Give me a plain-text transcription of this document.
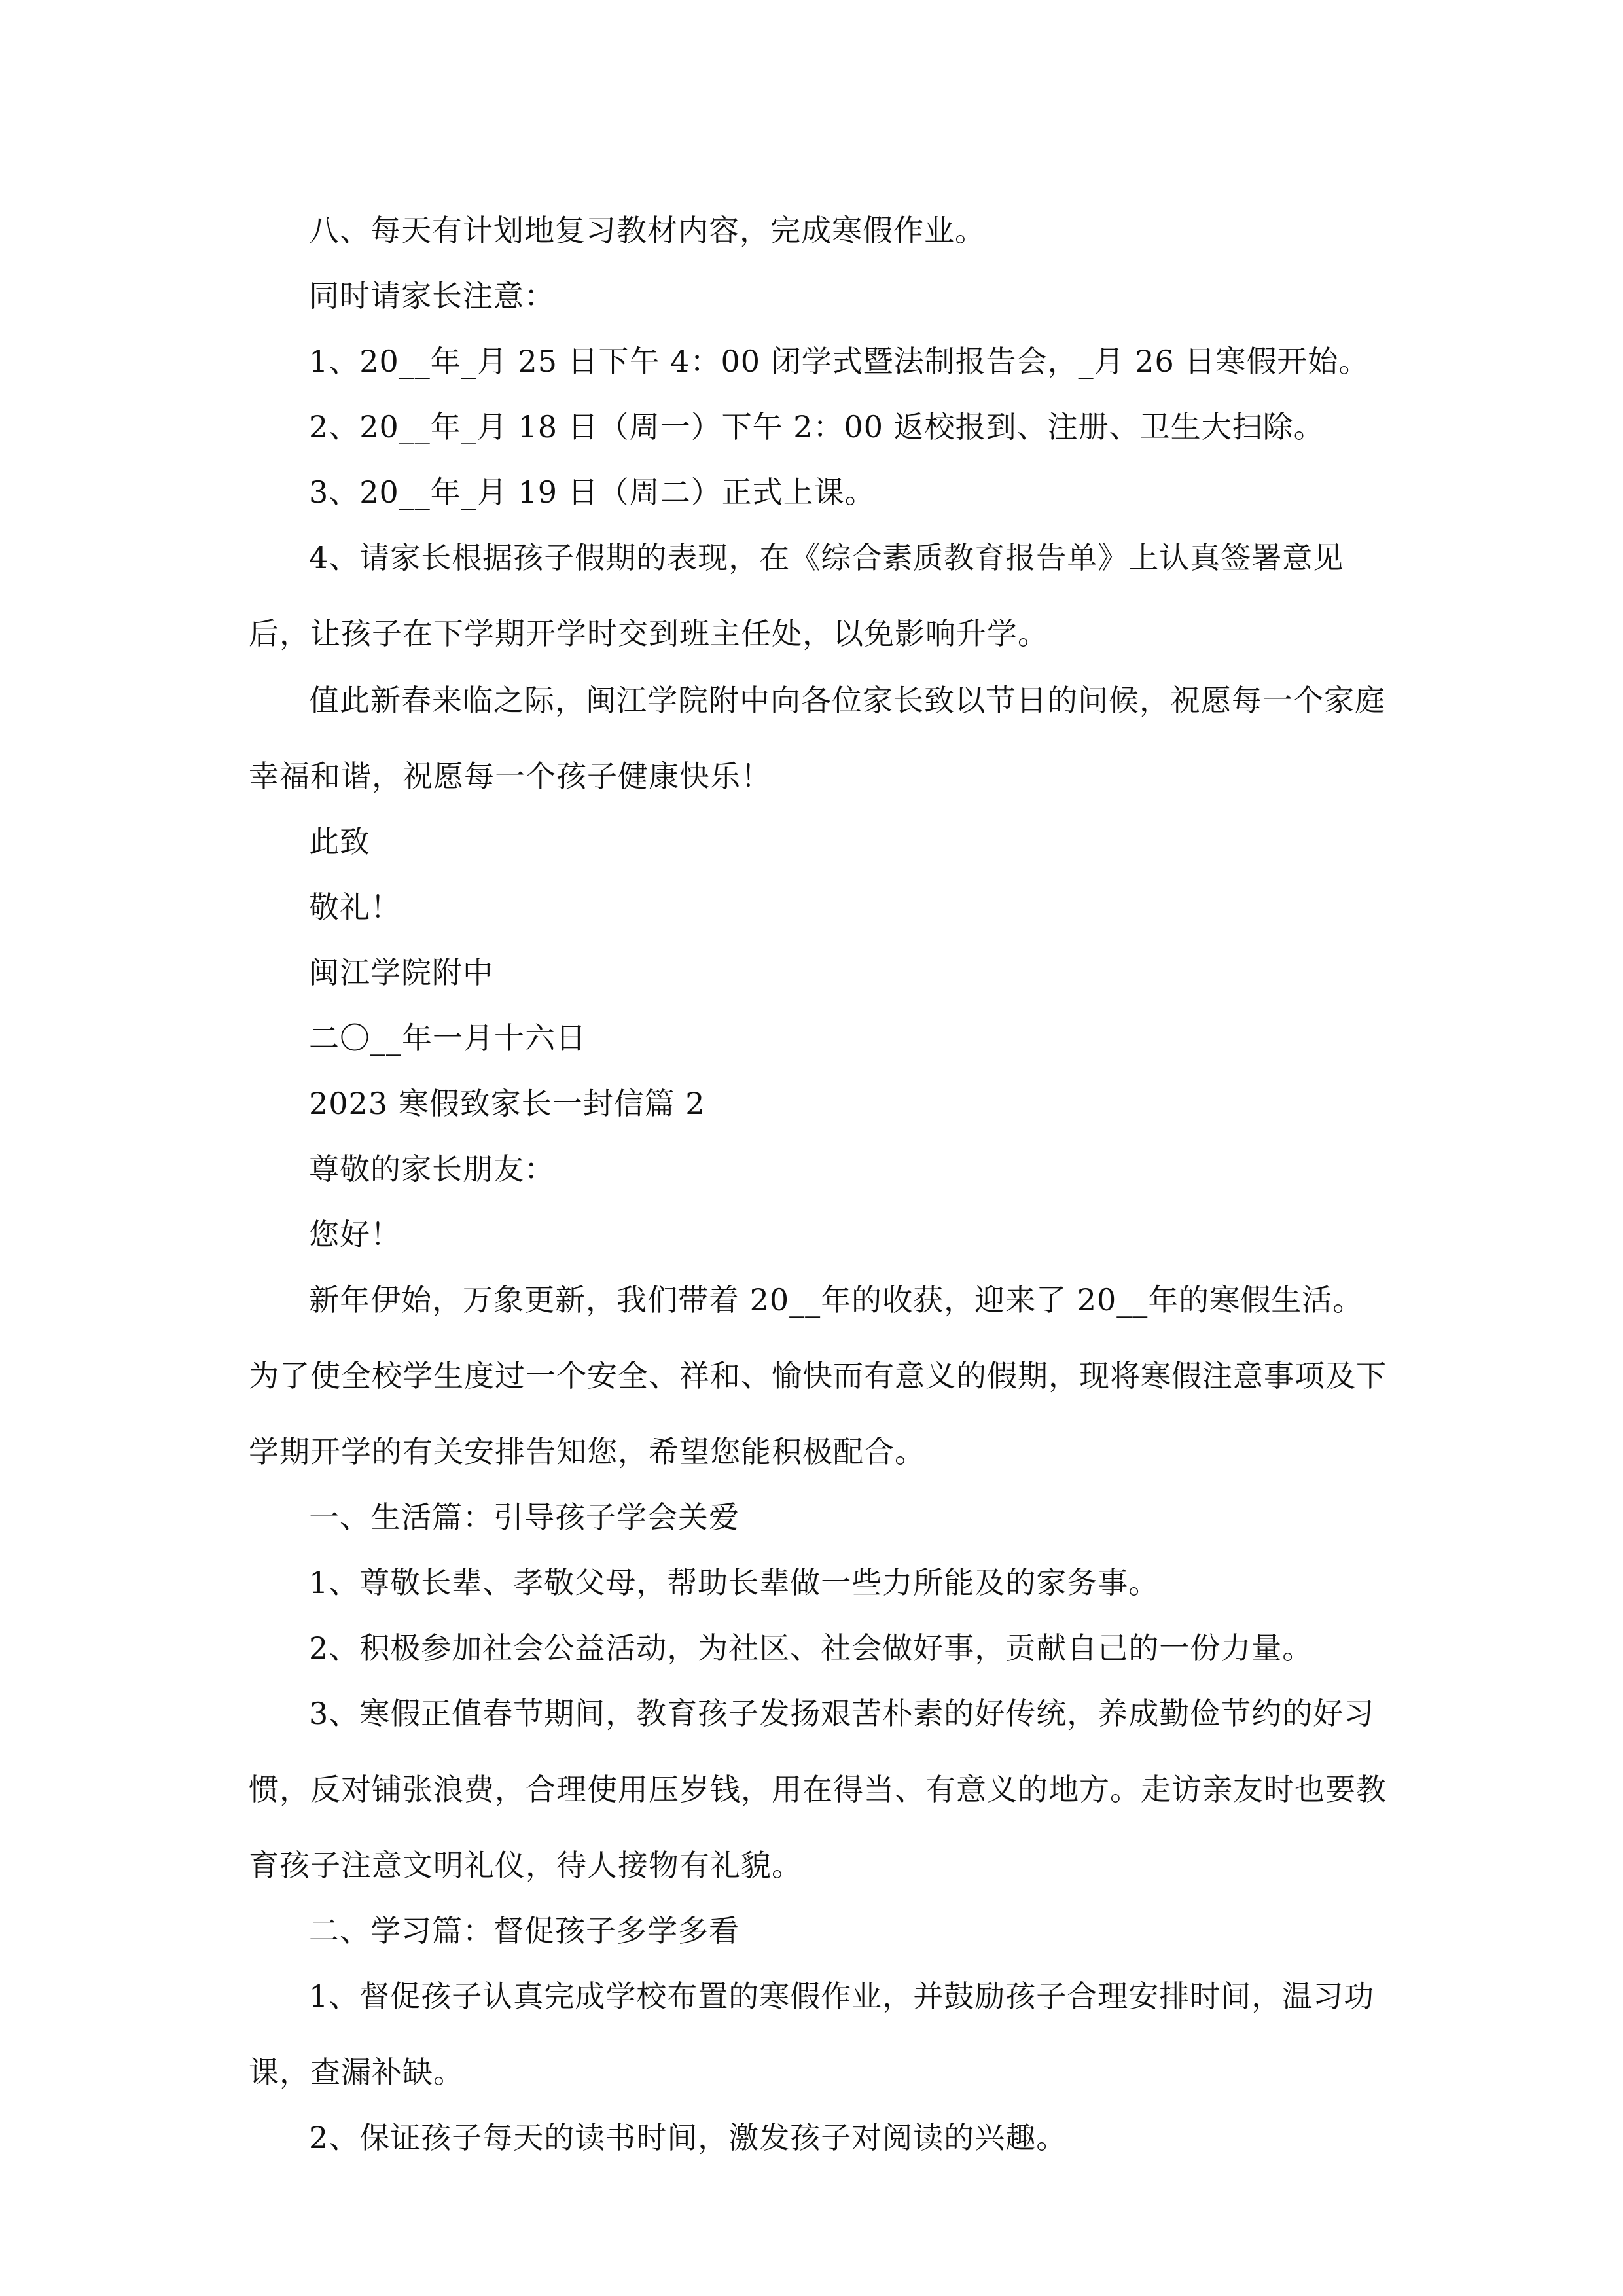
八、每天有计划地复习教材内容，完成寒假作业。
同时请家长注意：
1、20__年_月 25 日下午 4：00 闭学式暨法制报告会，_月 26 日寒假开始。
2、20__年_月 18 日（周一）下午 2：00 返校报到、注册、卫生大扫除。
3、20__年_月 19 日（周二）正式上课。
4、请家长根据孩子假期的表现，在《综合素质教育报告单》上认真签署意见后，让孩子在下学期开学时交到班主任处，以免影响升学。
值此新春来临之际，闽江学院附中向各位家长致以节日的问候，祝愿每一个家庭幸福和谐，祝愿每一个孩子健康快乐！
此致
敬礼！
闽江学院附中
二〇__年一月十六日
2023 寒假致家长一封信篇 2
尊敬的家长朋友：
您好！
新年伊始，万象更新，我们带着 20__年的收获，迎来了 20__年的寒假生活。为了使全校学生度过一个安全、祥和、愉快而有意义的假期，现将寒假注意事项及下学期开学的有关安排告知您，希望您能积极配合。
一、生活篇：引导孩子学会关爱
1、尊敬长辈、孝敬父母，帮助长辈做一些力所能及的家务事。
2、积极参加社会公益活动，为社区、社会做好事，贡献自己的一份力量。
3、寒假正值春节期间，教育孩子发扬艰苦朴素的好传统，养成勤俭节约的好习惯，反对铺张浪费，合理使用压岁钱，用在得当、有意义的地方。走访亲友时也要教育孩子注意文明礼仪，待人接物有礼貌。
二、学习篇：督促孩子多学多看
1、督促孩子认真完成学校布置的寒假作业，并鼓励孩子合理安排时间，温习功课，查漏补缺。
2、保证孩子每天的读书时间，激发孩子对阅读的兴趣。
